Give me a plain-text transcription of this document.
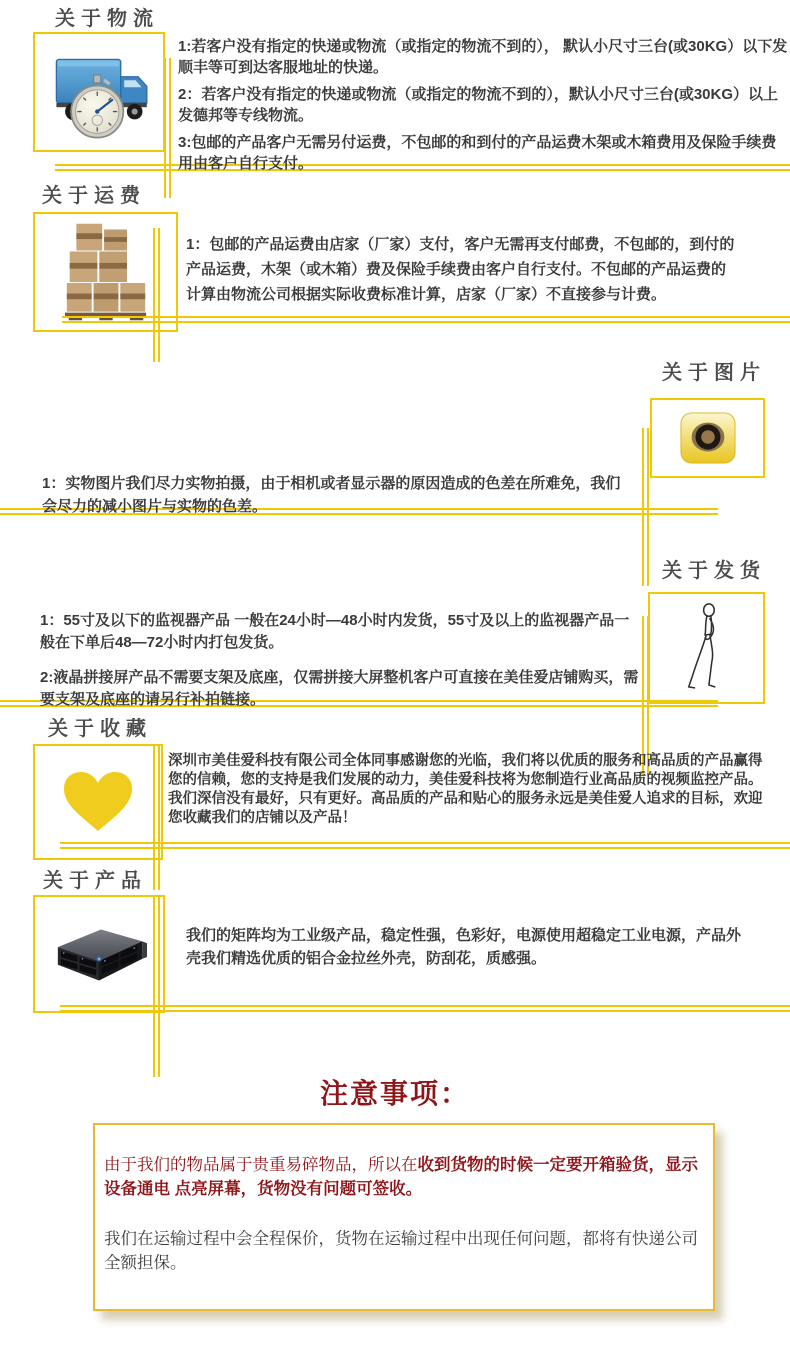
关于物流

1:若客户没有指定的快递或物流（或指定的物流不到的）， 默认小尺寸三台(或30KG）以下发顺丰等可到达客服地址的快递。

2：若客户没有指定的快递或物流（或指定的物流不到的），默认小尺寸三台(或30KG）以上发德邦等专线物流。

3:包邮的产品客户无需另付运费，不包邮的和到付的产品运费木架或木箱费用及保险手续费用由客户自行支付。

关于运费

1：包邮的产品运费由店家（厂家）支付，客户无需再支付邮费，不包邮的，到付的产品运费，木架（或木箱）费及保险手续费由客户自行支付。不包邮的产品运费的计算由物流公司根据实际收费标准计算，店家（厂家）不直接参与计费。

关于图片

1：实物图片我们尽力实物拍摄，由于相机或者显示器的原因造成的色差在所难免，我们会尽力的减小图片与实物的色差。

关于发货

1：55寸及以下的监视器产品 一般在24小时—48小时内发货，55寸及以上的监视器产品一般在下单后48—72小时内打包发货。

2:液晶拼接屏产品不需要支架及底座，仅需拼接大屏整机客户可直接在美佳爱店铺购买，需要支架及底座的请另行补拍链接。

关于收藏

深圳市美佳爱科技有限公司全体同事感谢您的光临，我们将以优质的服务和高品质的产品赢得您的信赖，您的支持是我们发展的动力，美佳爱科技将为您制造行业高品质的视频监控产品。我们深信没有最好，只有更好。高品质的产品和贴心的服务永远是美佳爱人追求的目标，欢迎您收藏我们的店铺以及产品！

关于产品

我们的矩阵均为工业级产品，稳定性强，色彩好，电源使用超稳定工业电源，产品外壳我们精选优质的铝合金拉丝外壳，防刮花，质感强。

注意事项：

由于我们的物品属于贵重易碎物品，所以在收到货物的时候一定要开箱验货，显示设备通电 点亮屏幕，货物没有问题可签收。

我们在运输过程中会全程保价，货物在运输过程中出现任何问题，都将有快递公司全额担保。
